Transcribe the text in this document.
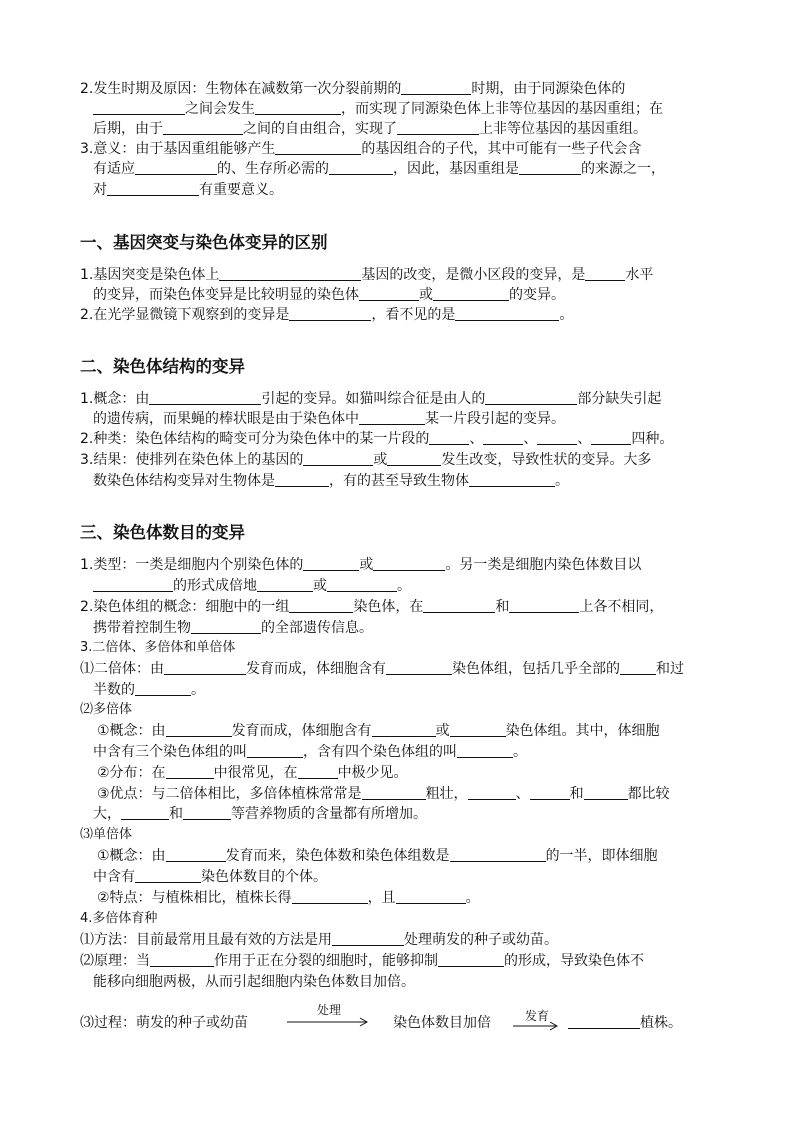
2.发生时期及原因：生物体在减数第一次分裂前期的	时期，由于同源染色体的
之间会发生	，而实现了同源染色体上非等位基因的基因重组；在
后期，由于	之间的自由组合，实现了	上非等位基因的基因重组。
3.意义：由于基因重组能够产生	的基因组合的子代，其中可能有一些子代会含
有适应	的、生存所必需的	，因此，基因重组是	的来源之一，
对	有重要意义。
一、基因突变与染色体变异的区别
1.基因突变是染色体上	基因的改变，是微小区段的变异，是	水平
的变异，而染色体变异是比较明显的染色体	或	的变异。
2.在光学显微镜下观察到的变异是	，看不见的是	。
二、染色体结构的变异
1.概念：由	引起的变异。如猫叫综合征是由人的	部分缺失引起
的遗传病，而果蝇的棒状眼是由于染色体中	某一片段引起的变异。
2.种类：染色体结构的畸变可分为染色体中的某一片段的	、	、	、	四种。
3.结果：使排列在染色体上的基因的	或	发生改变，导致性状的变异。大多
数染色体结构变异对生物体是	，有的甚至导致生物体	。
三、染色体数目的变异
1.类型：一类是细胞内个别染色体的	或	。另一类是细胞内染色体数目以
的形式成倍地	或	。
2.染色体组的概念：细胞中的一组	染色体，在	和	上各不相同，
携带着控制生物	的全部遗传信息。
3.二倍体、多倍体和单倍体
⑴二倍体：由	发育而成，体细胞含有	染色体组，包括几乎全部的	和过
半数的	。
⑵多倍体
①概念：由	发育而成，体细胞含有	或	染色体组。其中，体细胞
中含有三个染色体组的叫	，含有四个染色体组的叫	。
②分布：在	中很常见，在	中极少见。
③优点：与二倍体相比，多倍体植株常常是	粗壮，	、	和	都比较
大，	和	等营养物质的含量都有所增加。
⑶单倍体
①概念：由	发育而来，染色体数和染色体组数是	的一半，即体细胞
中含有	染色体数目的个体。
②特点：与植株相比，植株长得	，且	。
4.多倍体育种
⑴方法：目前最常用且最有效的方法是用	处理萌发的种子或幼苗。
⑵原理：当	作用于正在分裂的细胞时，能够抑制	的形成，导致染色体不
能移向细胞两极，从而引起细胞内染色体数目加倍。
⑶过程：萌发的种子或幼苗
处理
染色体数目加倍	发育	植株。
